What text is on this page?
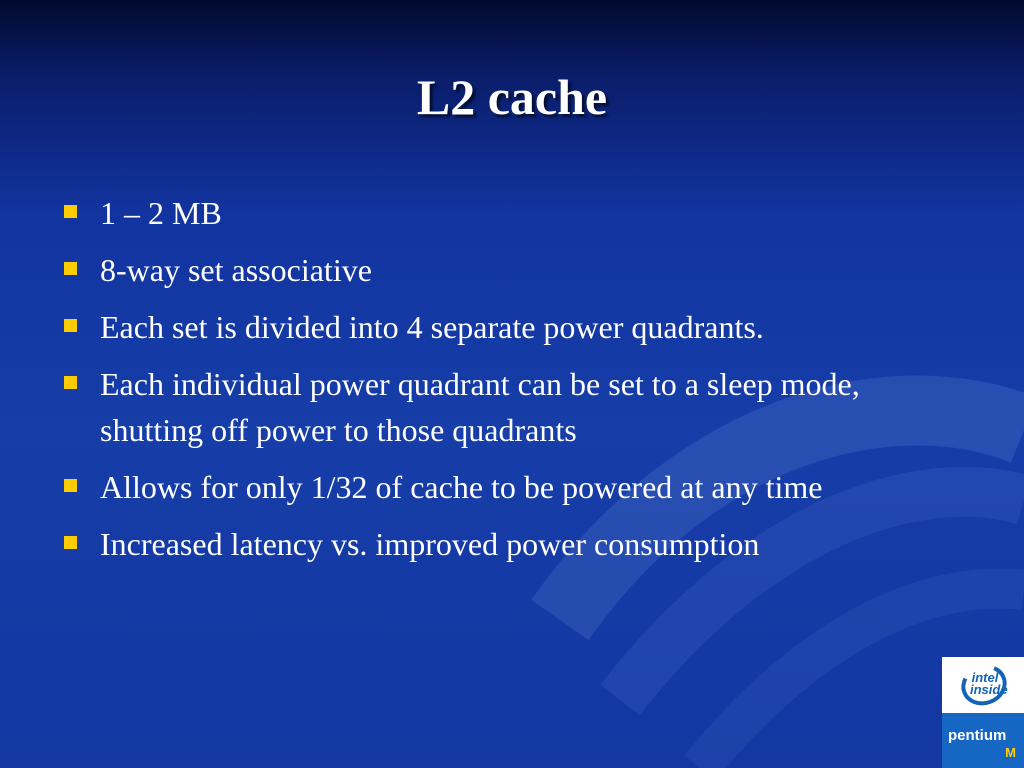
L2 cache
1 – 2 MB
8-way set associative
Each set is divided into 4 separate power quadrants.
Each individual power quadrant can be set to a sleep mode, shutting off power to those quadrants
Allows for only 1/32 of cache to be powered at any time
Increased latency vs. improved power consumption
intel
inside
pentium
M
